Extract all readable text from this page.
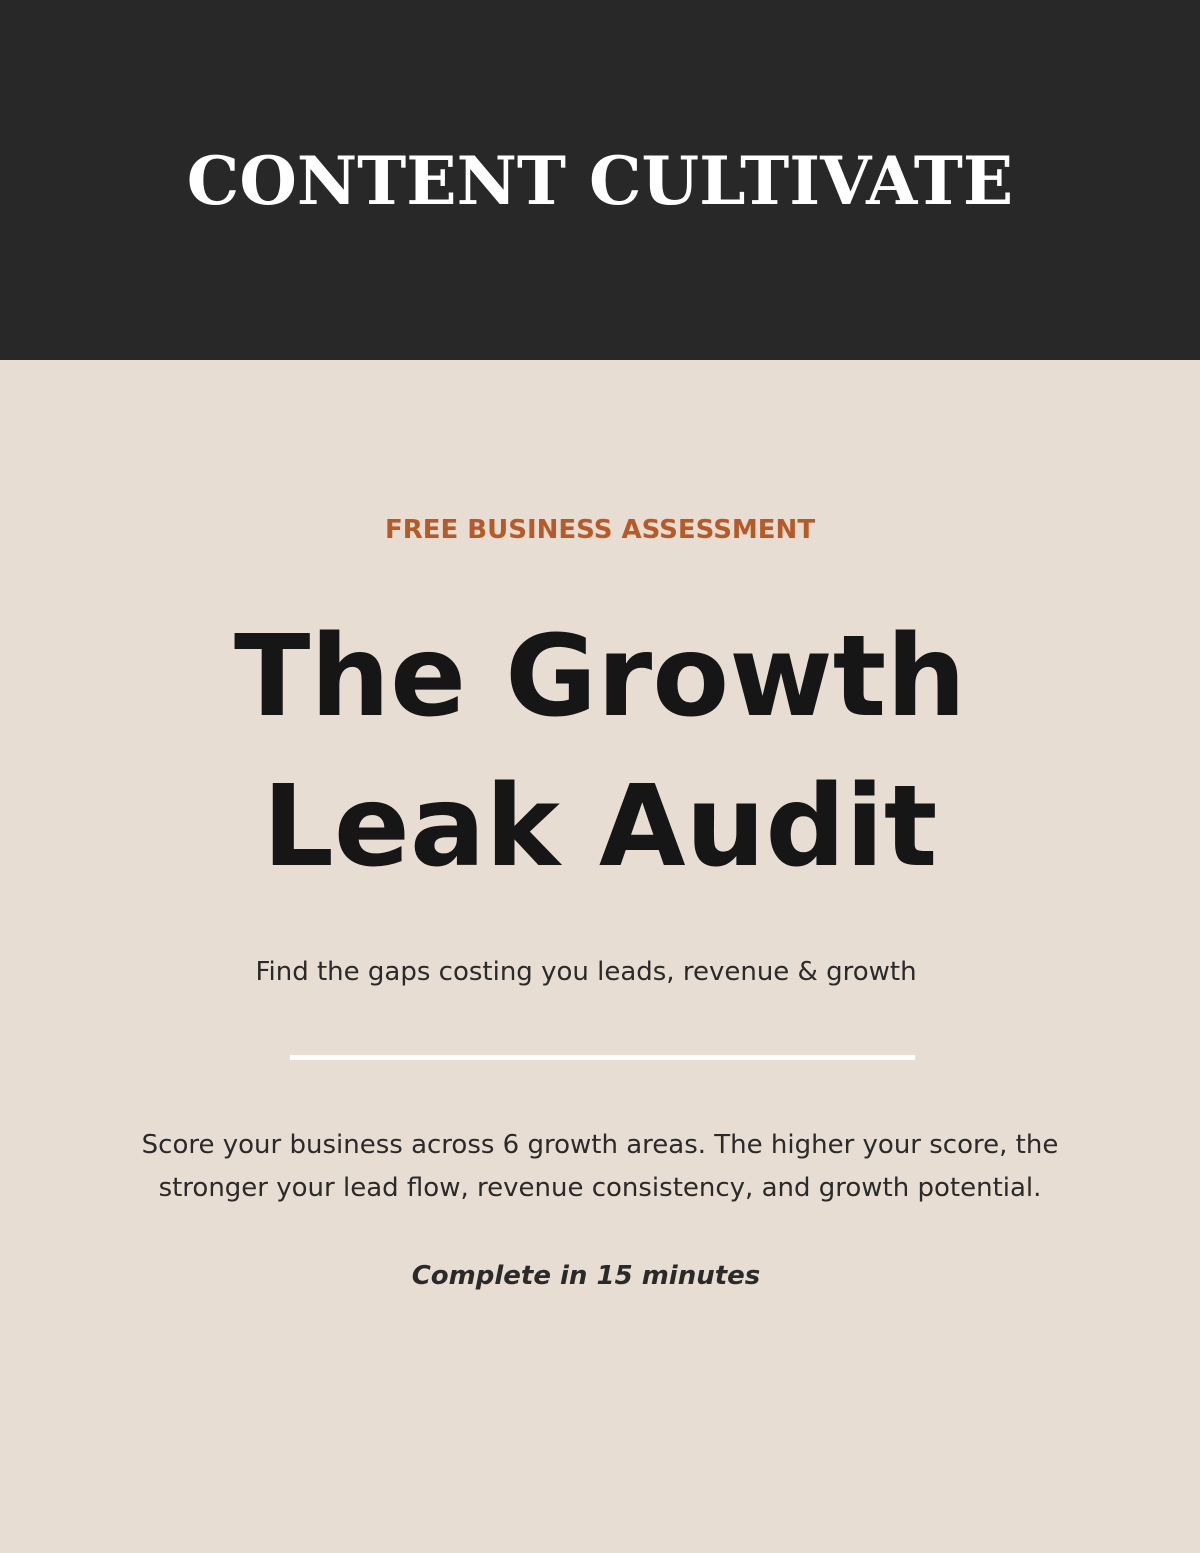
CONTENT CULTIVATE

FREE BUSINESS ASSESSMENT

The Growth
Leak Audit

Find the gaps costing you leads, revenue & growth

Score your business across 6 growth areas. The higher your score, the
stronger your lead flow, revenue consistency, and growth potential.

Complete in 15 minutes
